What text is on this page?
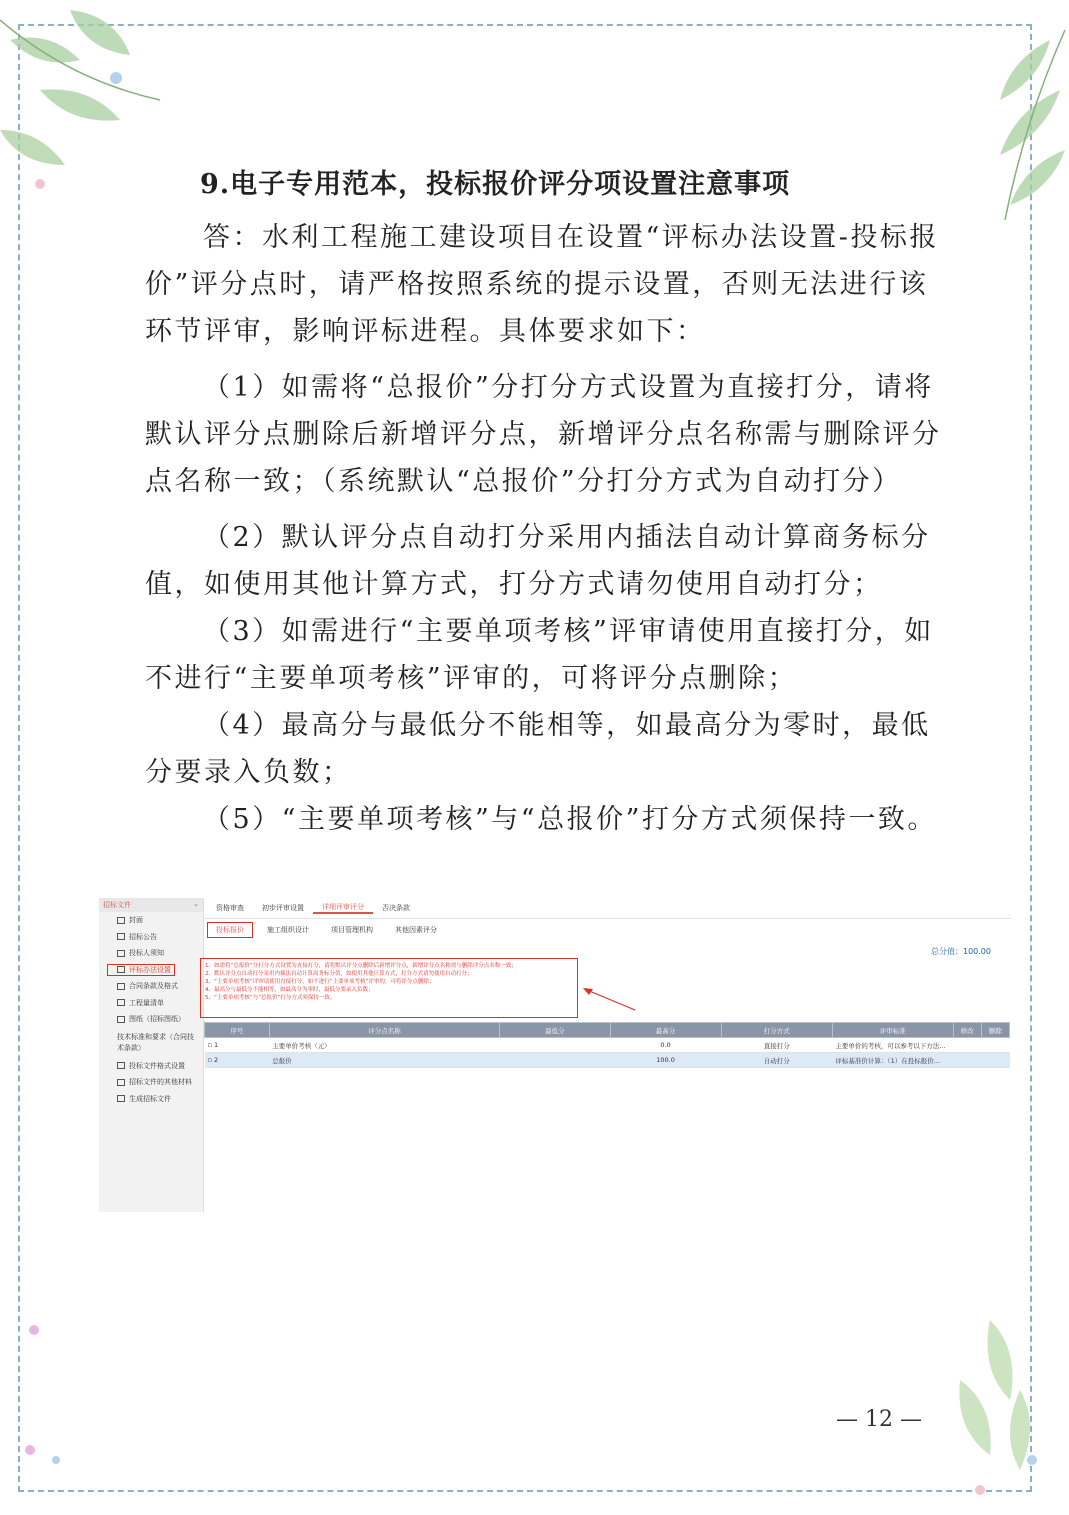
9.电子专用范本，投标报价评分项设置注意事项

答：水利工程施工建设项目在设置“评标办法设置-投标报价”评分点时，请严格按照系统的提示设置，否则无法进行该环节评审，影响评标进程。具体要求如下：

（1）如需将“总报价”分打分方式设置为直接打分，请将默认评分点删除后新增评分点，新增评分点名称需与删除评分点名称一致；（系统默认“总报价”分打分方式为自动打分）

（2）默认评分点自动打分采用内插法自动计算商务标分值，如使用其他计算方式，打分方式请勿使用自动打分；

（3）如需进行“主要单项考核”评审请使用直接打分，如不进行“主要单项考核”评审的，可将评分点删除；

（4）最高分与最低分不能相等，如最高分为零时，最低分要录入负数；

（5）“主要单项考核”与“总报价”打分方式须保持一致。

招标文件	⌄
封面
招标公告
投标人须知
评标办法设置
合同条款及格式
工程量清单
图纸（招标图纸）
技术标准和要求（合同技术条款）
投标文件格式设置
招标文件的其他材料
生成招标文件
资格审查	初步评审设置	详细评审评分	否决条款
投标报价	施工组织设计	项目管理机构	其他因素评分
总分值：100.00
1、如需将“总报价”分打分方式设置为直接打分，请将默认评分点删除后新增评分点，新增评分点名称需与删除评分点名称一致；
2、默认评分点自动打分采用内插法自动计算商务标分值，如使用其他计算方式，打分方式请勿使用自动打分；
3、“主要单项考核”评审请使用直接打分，如不进行“主要单项考核”评审的，可将评分点删除；
4、最高分与最低分不能相等，如最高分为零时，最低分要录入负数；
5、“主要单项考核”与“总报价”打分方式须保持一致。
序号	评分点名称	最低分	最高分	打分方式	评审标准	修改	删除
▫ 1	主要单价考核（元）		0.0	直接打分	主要单价的考核，可以参考以下方法...		
▫ 2	总报价		100.0	自动打分	评标基准价计算：（1）在投标报价...		
— 12 —
